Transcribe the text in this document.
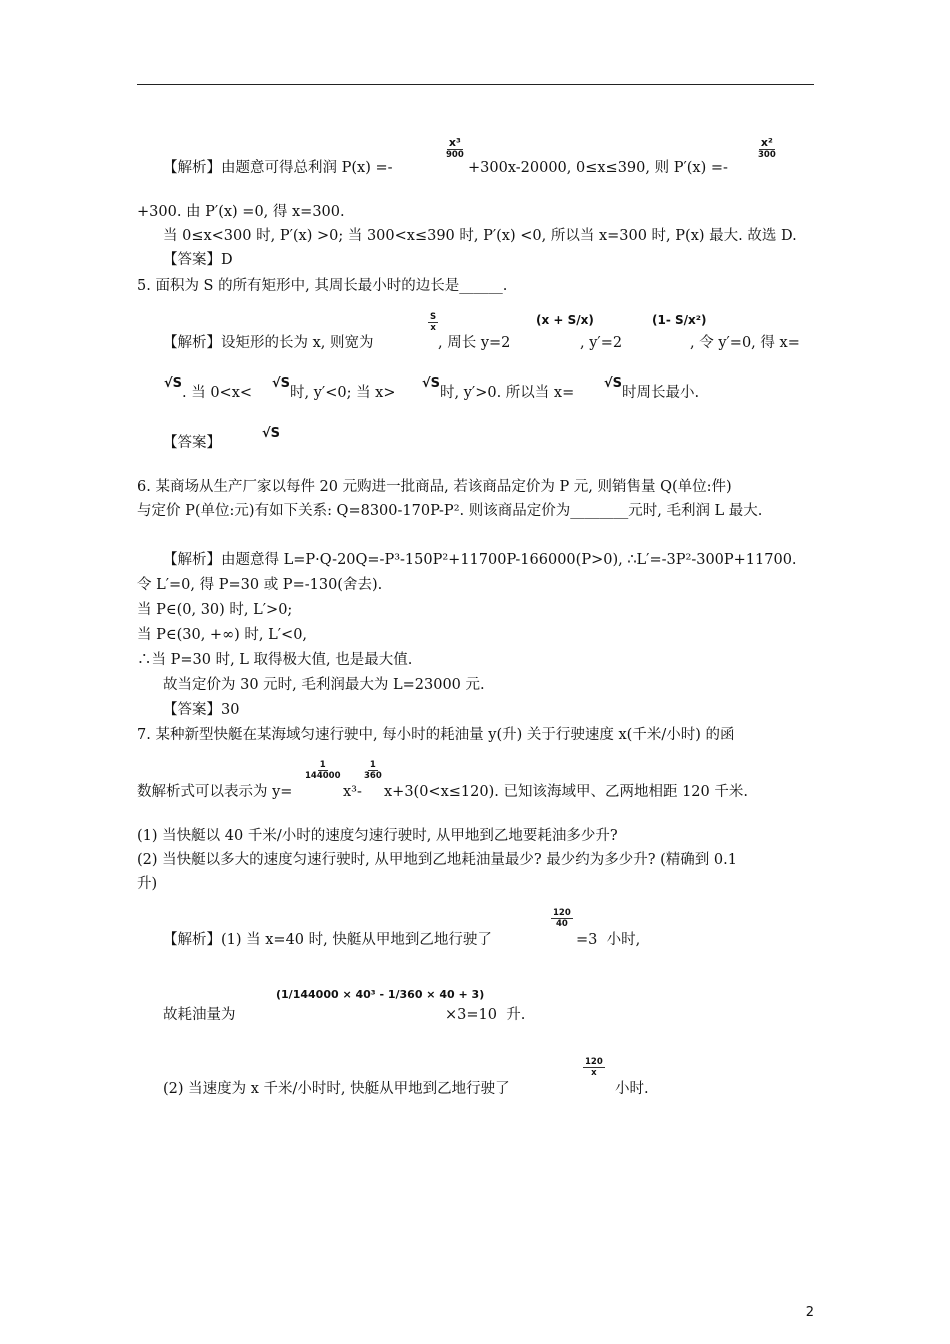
【解析】由题意可得总利润 P(x) =-
x³
900
+300x-20000, 0≤x≤390, 则 P′(x) =-
x²
300
+300. 由 P′(x) =0, 得 x=300.
当 0≤x<300 时, P′(x) >0; 当 300<x≤390 时, P′(x) <0, 所以当 x=300 时, P(x) 最大. 故选 D.
【答案】D
5. 面积为 S 的所有矩形中, 其周长最小时的边长是______.
$\frac{S}{x}$
【解析】设矩形的长为 x, 则宽为	, 周长 y=2
(x + S/x)
, y′=2
(1- S/x²)
, 令 y′=0, 得 x=
√S
. 当 0<x<
√S
时, y′<0; 当 x>
√S
时, y′>0. 所以当 x=
√S
时周长最小.
【答案】
√S
6. 某商场从生产厂家以每件 20 元购进一批商品, 若该商品定价为 P 元, 则销售量 Q(单位:件)
与定价 P(单位:元)有如下关系: Q=8300-170P-P². 则该商品定价为________元时, 毛利润 L 最大.
【解析】由题意得 L=P·Q-20Q=-P³-150P²+11700P-166000(P>0), ∴L′=-3P²-300P+11700.
令 L′=0, 得 P=30 或 P=-130(舍去).
当 P∈(0, 30) 时, L′>0;
当 P∈(30, +∞) 时, L′<0,
∴当 P=30 时, L 取得极大值, 也是最大值.
故当定价为 30 元时, 毛利润最大为 L=23000 元.
【答案】30
7. 某种新型快艇在某海域匀速行驶中, 每小时的耗油量 y(升) 关于行驶速度 x(千米/小时) 的函
数解析式可以表示为 y=
$\frac{1}{144000}$
x³-
$\frac{1}{360}$
x+3(0<x≤120). 已知该海域甲、乙两地相距 120 千米.
(1) 当快艇以 40 千米/小时的速度匀速行驶时, 从甲地到乙地要耗油多少升?
(2) 当快艇以多大的速度匀速行驶时, 从甲地到乙地耗油量最少? 最少约为多少升? (精确到 0.1
升)
【解析】(1) 当 x=40 时, 快艇从甲地到乙地行驶了
$\frac{120}{40}$
=3  小时,
故耗油量为
(1/144000 × 40³ - 1/360 × 40 + 3)
×3=10  升.
(2) 当速度为 x 千米/小时时, 快艇从甲地到乙地行驶了
$\frac{120}{x}$
小时.
2
